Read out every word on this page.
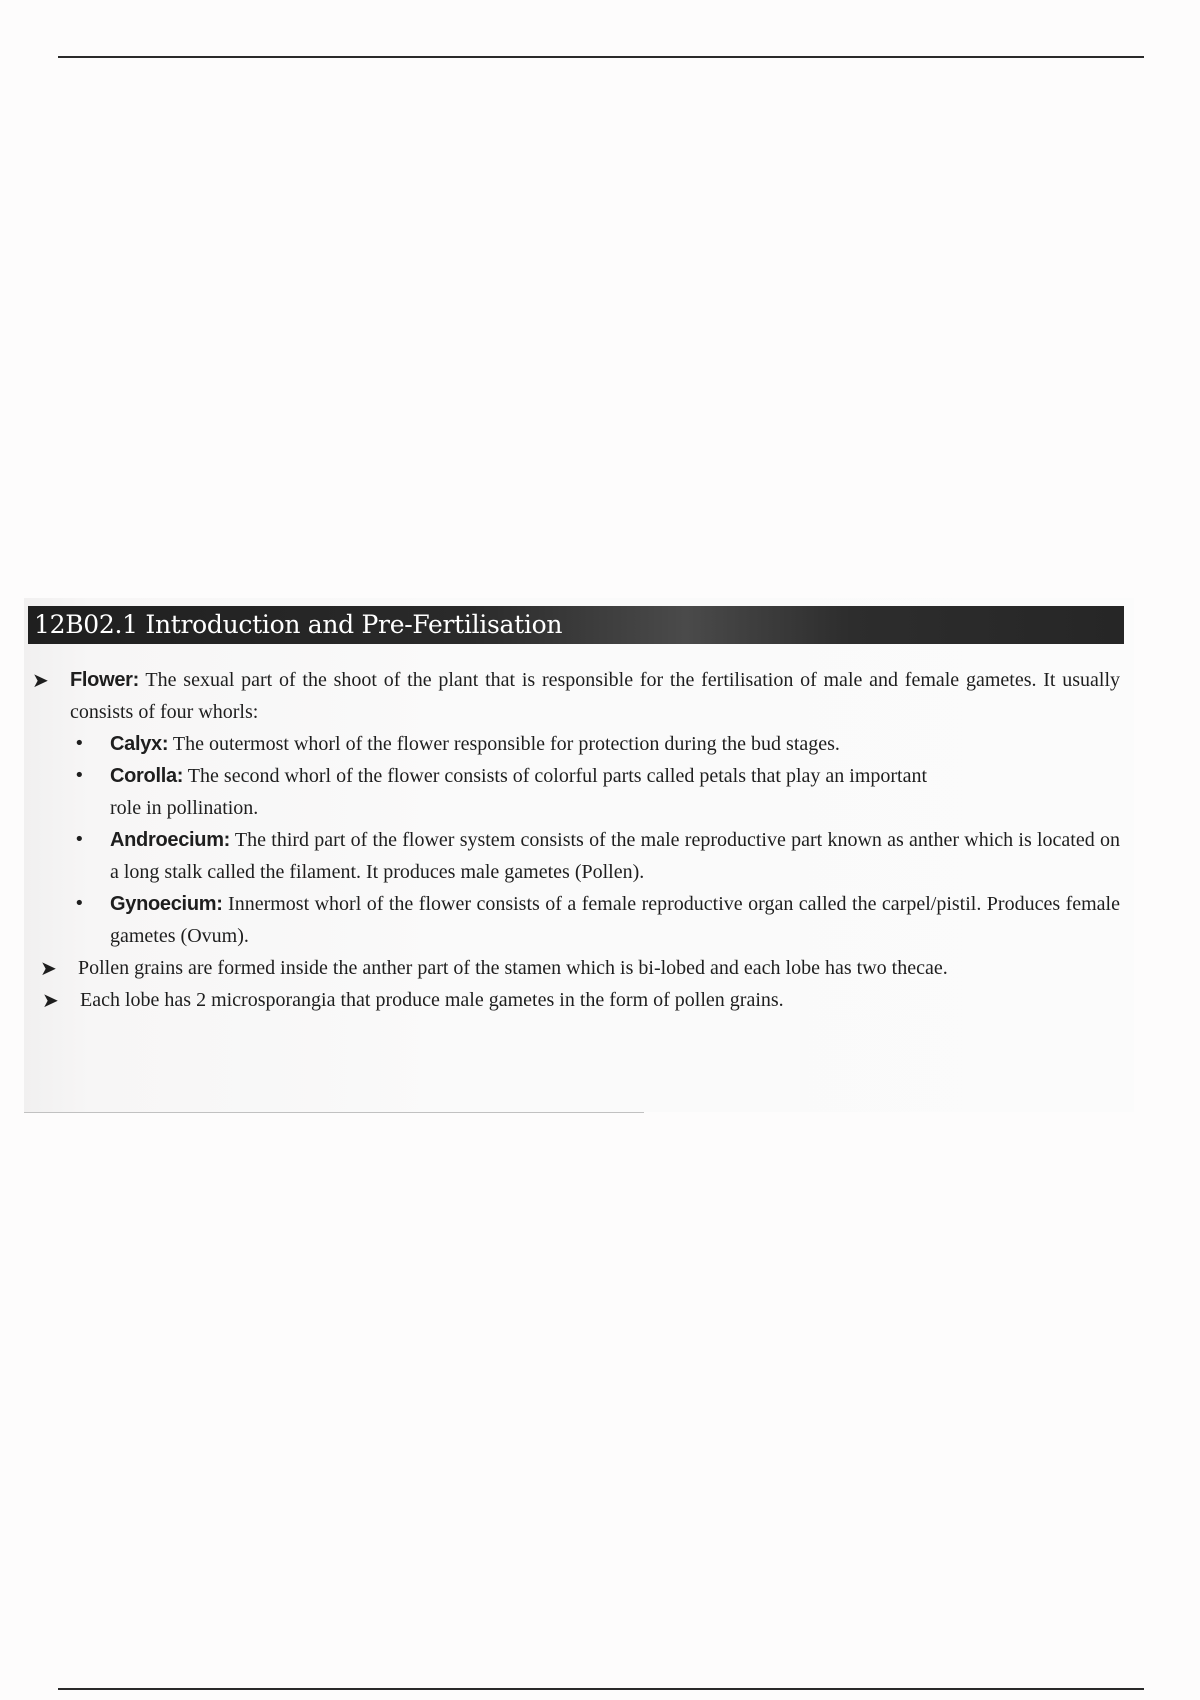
12B02.1 Introduction and Pre-Fertilisation
➤	Flower: The sexual part of the shoot of the plant that is responsible for the fertilisation of male and female gametes. It usually consists of four whorls:
• Calyx: The outermost whorl of the flower responsible for protection during the bud stages.
• Corolla: The second whorl of the flower consists of colorful parts called petals that play an important role in pollination.
• Androecium: The third part of the flower system consists of the male reproductive part known as anther which is located on a long stalk called the filament. It produces male gametes (Pollen).
• Gynoecium: Innermost whorl of the flower consists of a female reproductive organ called the carpel/pistil. Produces female gametes (Ovum).
➤	Pollen grains are formed inside the anther part of the stamen which is bi-lobed and each lobe has two thecae.
➤	Each lobe has 2 microsporangia that produce male gametes in the form of pollen grains.
